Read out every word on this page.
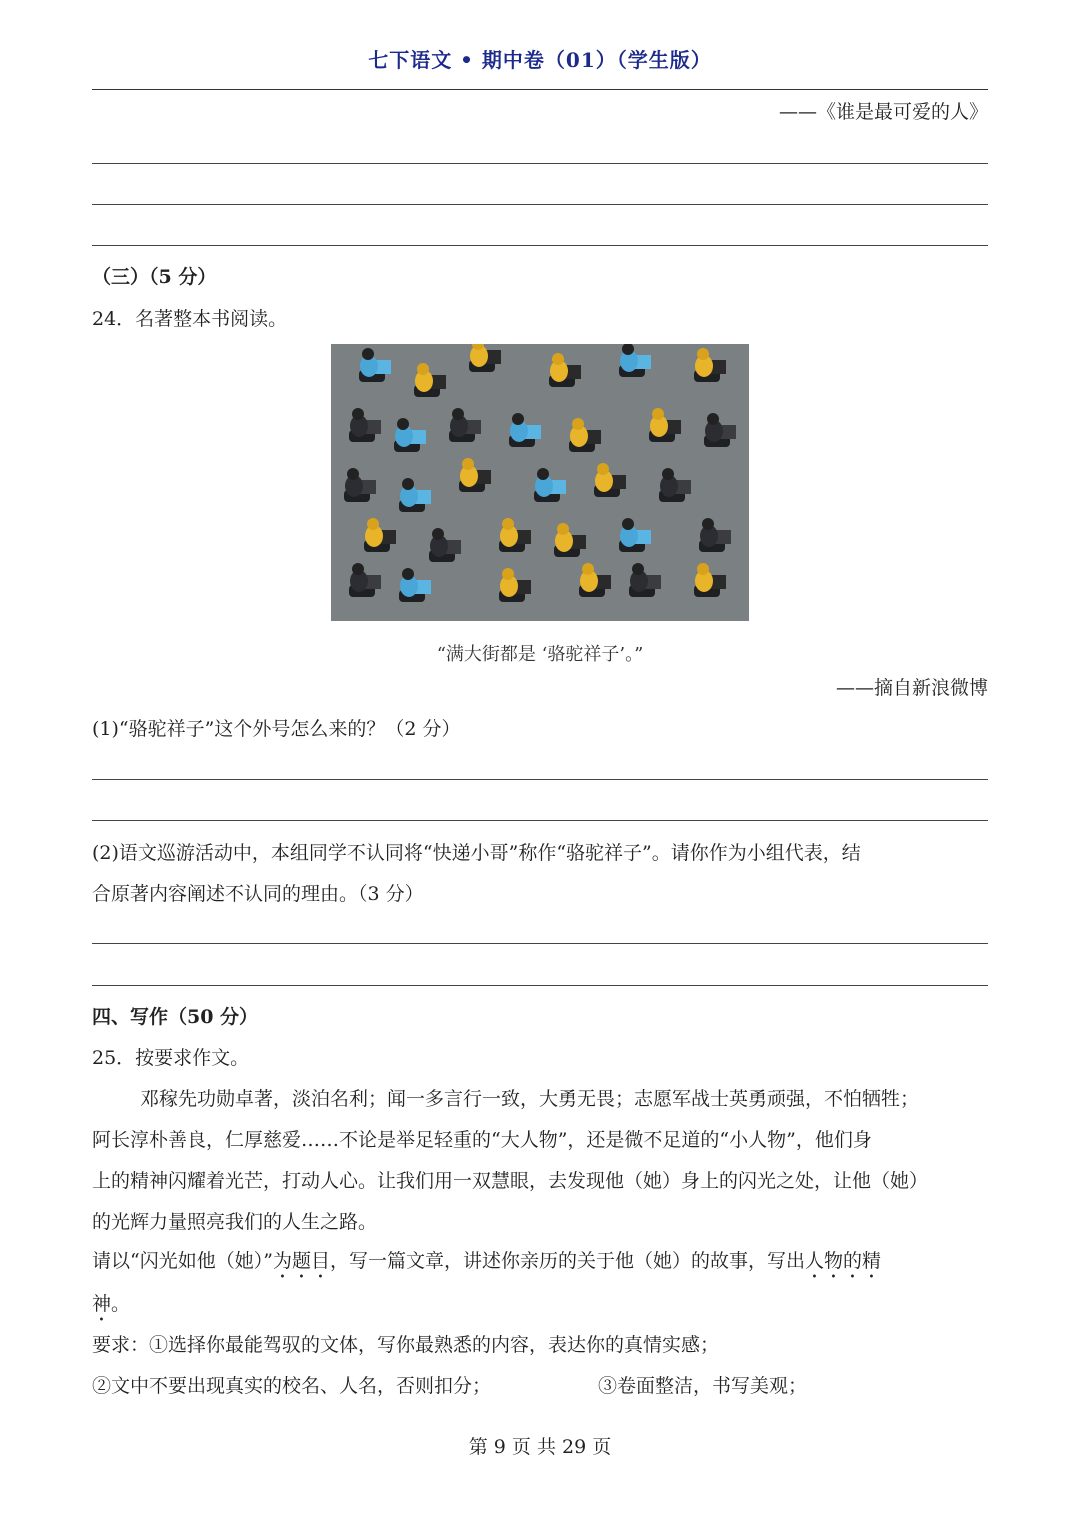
七下语文 • 期中卷（01）（学生版）
——《谁是最可爱的人》
（三）（5 分）
24．名著整本书阅读。
“满大街都是 ‘骆驼祥子’。”
——摘自新浪微博
(1)“骆驼祥子”这个外号怎么来的？（2 分）
(2)语文巡游活动中，本组同学不认同将“快递小哥”称作“骆驼祥子”。请你作为小组代表，结
合原著内容阐述不认同的理由。（3 分）
四、写作（50 分）
25．按要求作文。
邓稼先功勋卓著，淡泊名利；闻一多言行一致，大勇无畏；志愿军战士英勇顽强，不怕牺牲；
阿长淳朴善良，仁厚慈爱……不论是举足轻重的“大人物”，还是微不足道的“小人物”，他们身
上的精神闪耀着光芒，打动人心。让我们用一双慧眼，去发现他（她）身上的闪光之处，让他（她）
的光辉力量照亮我们的人生之路。
请以“闪光如他（她）”为题目，写一篇文章，讲述你亲历的关于他（她）的故事，写出人物的精
神。
要求：①选择你最能驾驭的文体，写你最熟悉的内容，表达你的真情实感；
②文中不要出现真实的校名、人名，否则扣分；	③卷面整洁，书写美观；
第 9 页 共 29 页
